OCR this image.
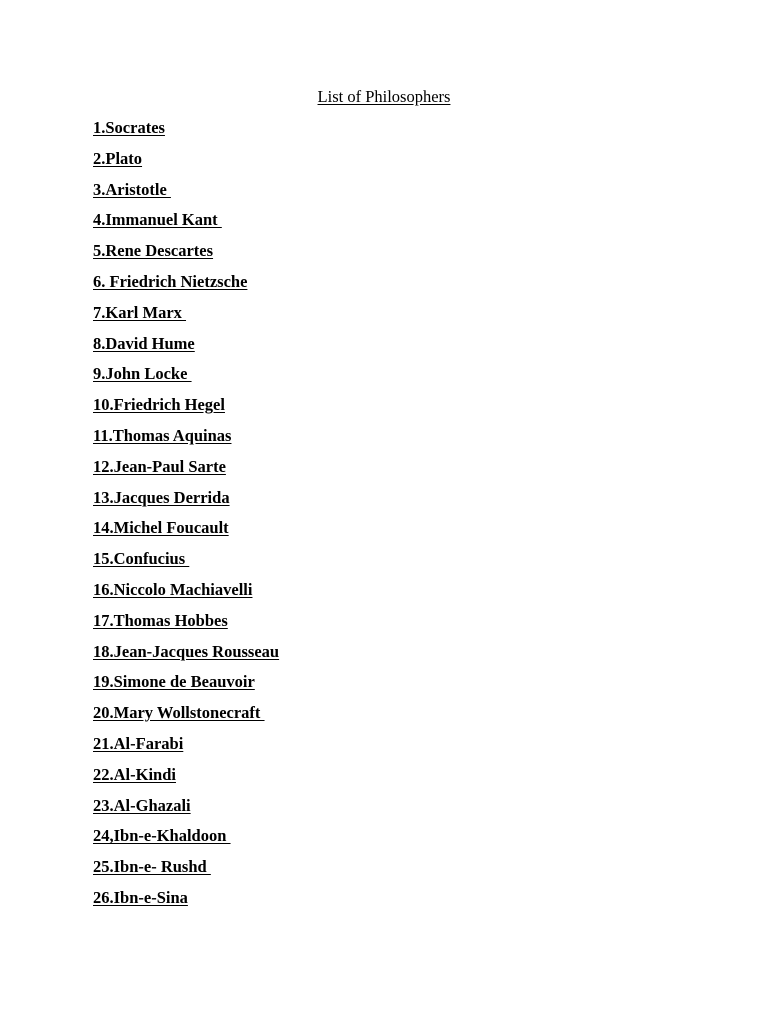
List of Philosophers
1.Socrates
2.Plato
3.Aristotle
4.Immanuel Kant
5.Rene Descartes
6. Friedrich Nietzsche
7.Karl Marx
8.David Hume
9.John Locke
10.Friedrich Hegel
11.Thomas Aquinas
12.Jean-Paul Sarte
13.Jacques Derrida
14.Michel Foucault
15.Confucius
16.Niccolo Machiavelli
17.Thomas Hobbes
18.Jean-Jacques Rousseau
19.Simone de Beauvoir
20.Mary Wollstonecraft
21.Al-Farabi
22.Al-Kindi
23.Al-Ghazali
24,Ibn-e-Khaldoon
25.Ibn-e- Rushd
26.Ibn-e-Sina
